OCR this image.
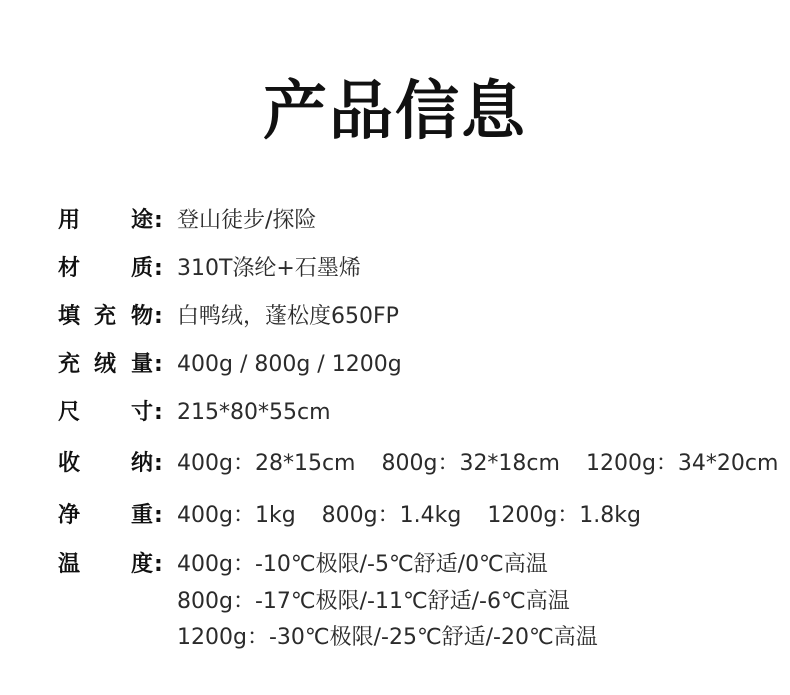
产品信息
用 途 : 登山徒步/探险
材 质 : 310T涤纶+石墨烯
填 充 物 : 白鸭绒，蓬松度650FP
充 绒 量 : 400g / 800g / 1200g
尺 寸 : 215*80*55cm
收 纳 : 400g：28*15cm 800g：32*18cm 1200g：34*20cm
净 重 : 400g：1kg 800g：1.4kg 1200g：1.8kg
温 度 : 400g：-10℃极限/-5℃舒适/0℃高温
800g：-17℃极限/-11℃舒适/-6℃高温
1200g：-30℃极限/-25℃舒适/-20℃高温
